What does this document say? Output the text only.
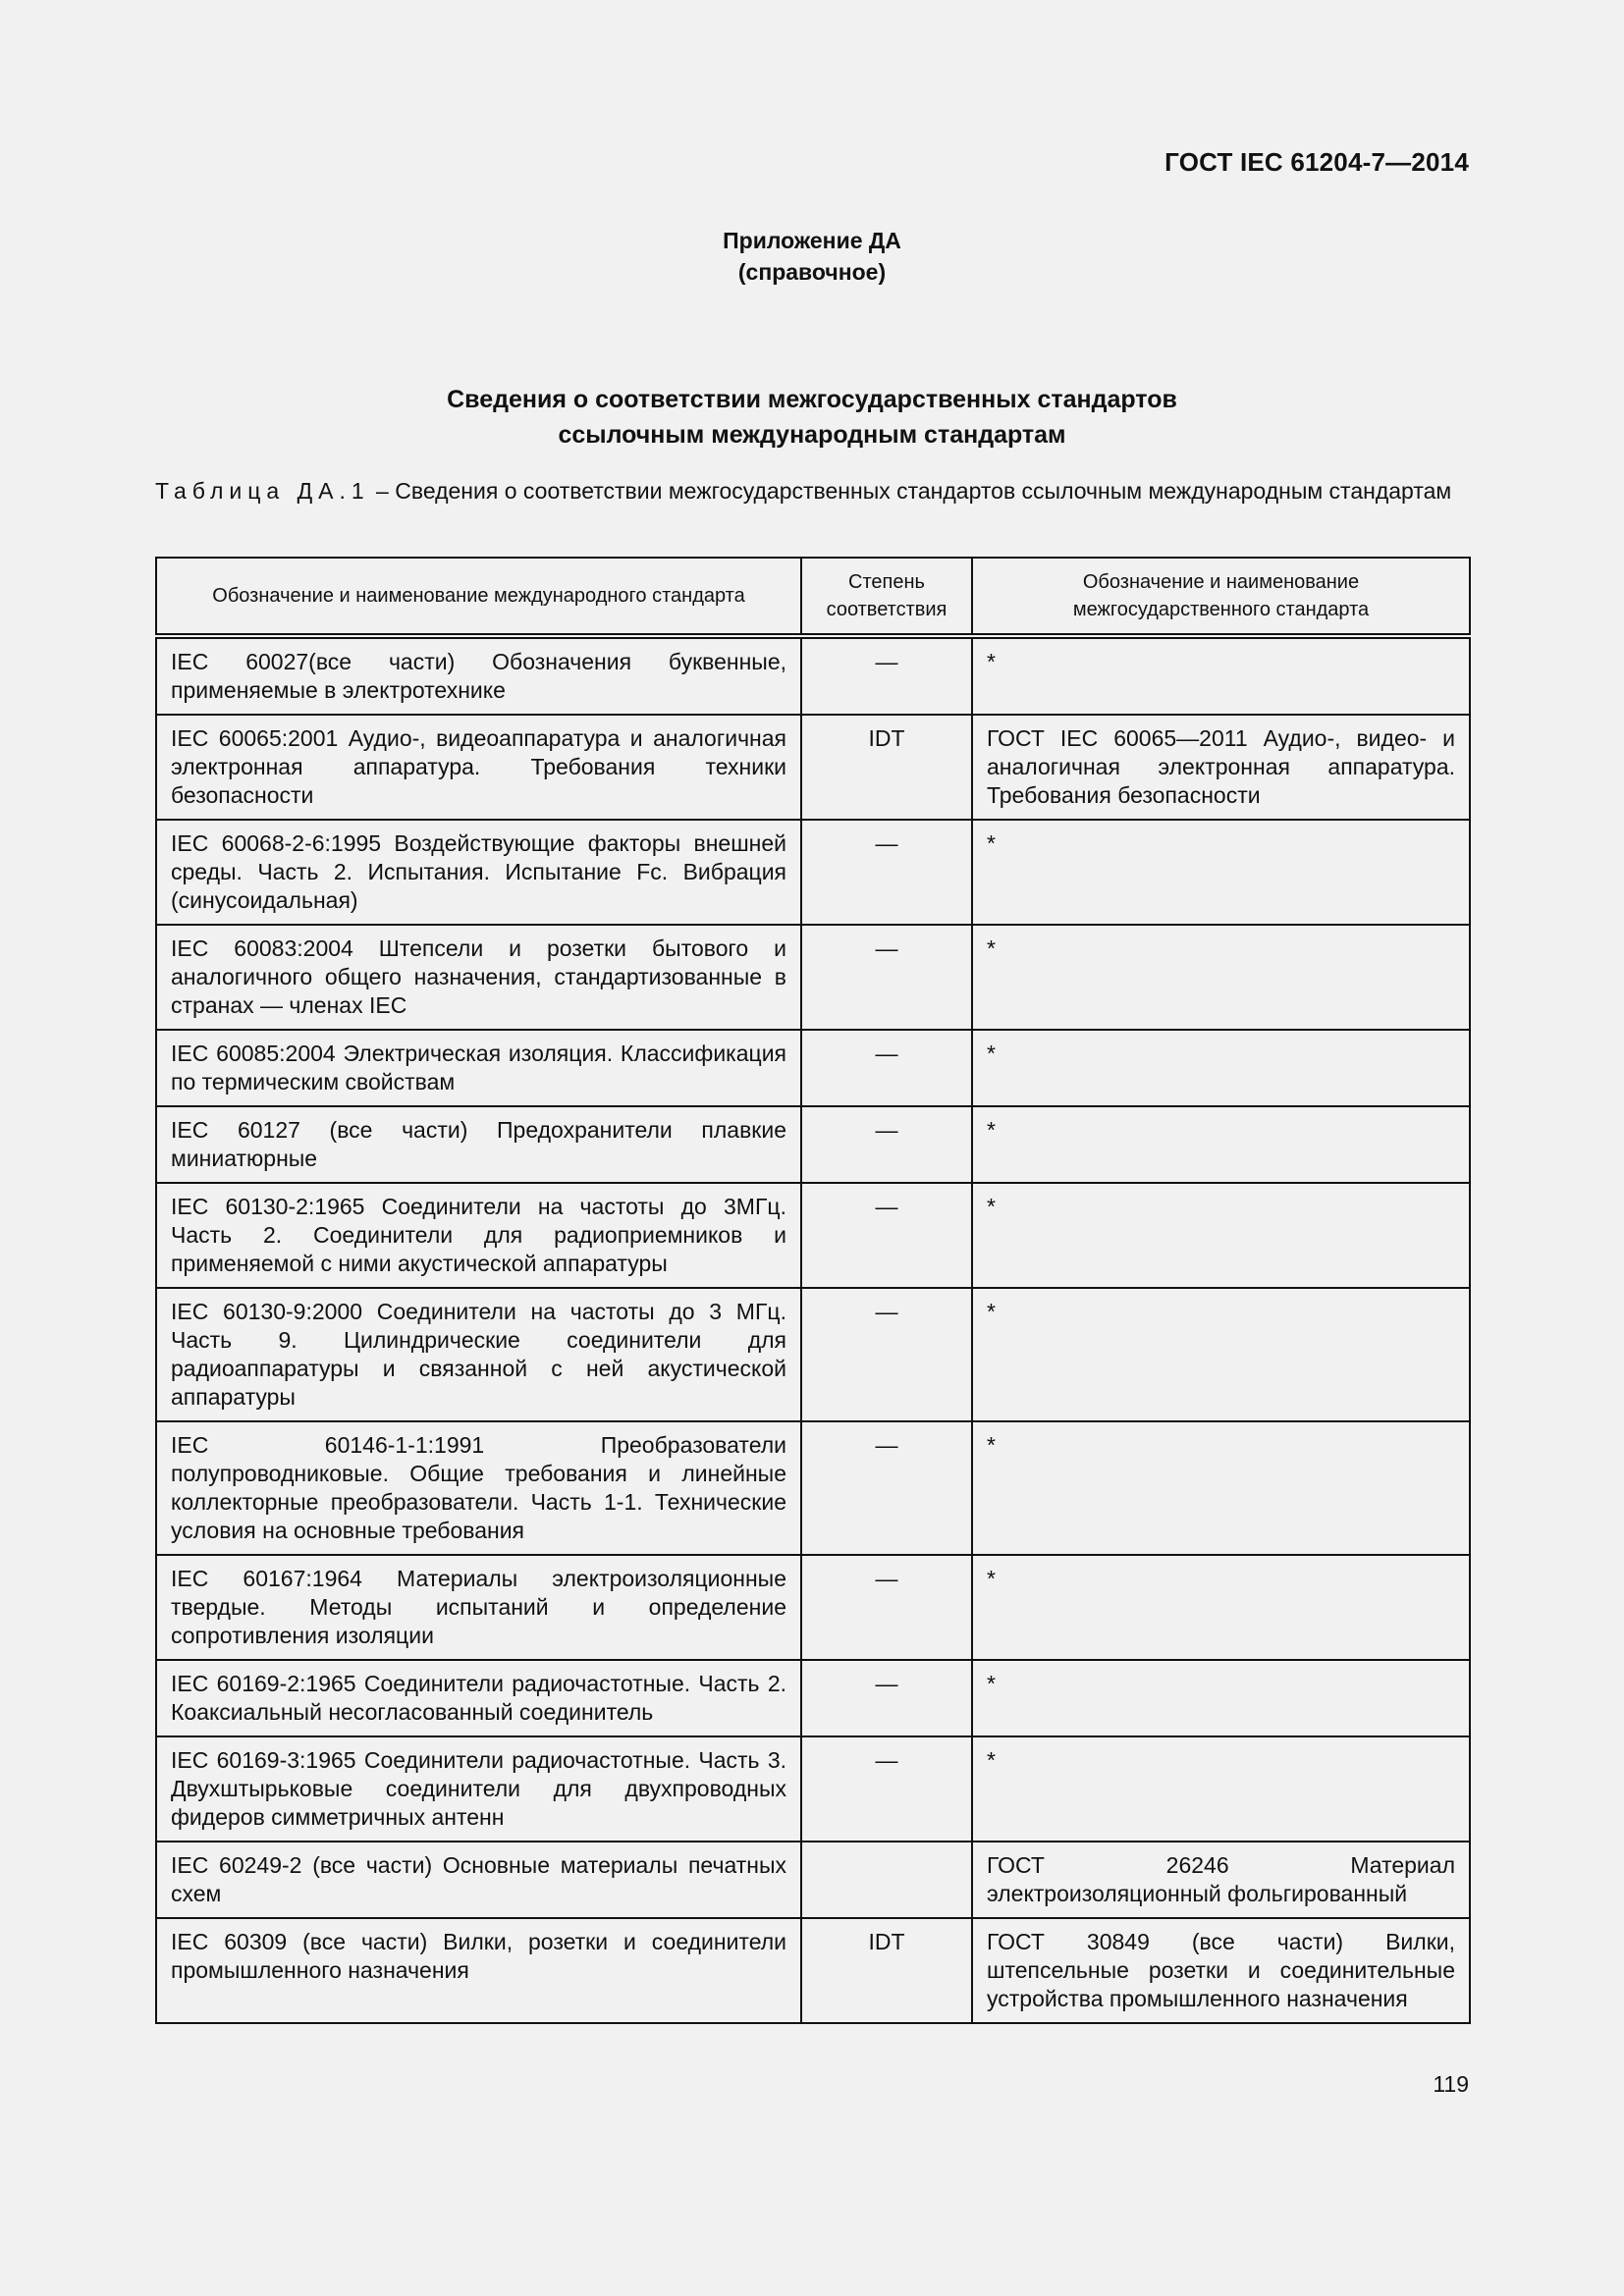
ГОСТ IEC 61204-7—2014
Приложение ДА
(справочное)
Сведения о соответствии межгосударственных стандартов
ссылочным международным стандартам
Таблица ДА.1 – Сведения о соответствии межгосударственных стандартов ссылочным международным стандартам
Обозначение и наименование международного стандарта	Степень соответствия	Обозначение и наименование межгосударственного стандарта
IEC 60027(все части) Обозначения буквенные, применяемые в электротехнике	—	*
IEC 60065:2001 Аудио-, видеоаппаратура и аналогичная электронная аппаратура. Требования техники безопасности	IDT	ГОСТ IEC 60065—2011 Аудио-, видео- и аналогичная электронная аппаратура. Требования безопасности
IEC 60068-2-6:1995 Воздействующие факторы внешней среды. Часть 2. Испытания. Испытание Fc. Вибрация (синусоидальная)	—	*
IEC 60083:2004 Штепсели и розетки бытового и аналогичного общего назначения, стандартизованные в странах — членах IEC	—	*
IEC 60085:2004 Электрическая изоляция. Классификация по термическим свойствам	—	*
IEC 60127 (все части) Предохранители плавкие миниатюрные	—	*
IEC 60130-2:1965 Соединители на частоты до 3МГц. Часть 2. Соединители для радиоприемников и применяемой с ними акустической аппаратуры	—	*
IEC 60130-9:2000 Соединители на частоты до 3 МГц. Часть 9. Цилиндрические соединители для радиоаппаратуры и связанной с ней акустической аппаратуры	—	*
IEC 60146-1-1:1991 Преобразователи полупроводниковые. Общие требования и линейные коллекторные преобразователи. Часть 1-1. Технические условия на основные требования	—	*
IEC 60167:1964 Материалы электроизоляционные твердые. Методы испытаний и определение сопротивления изоляции	—	*
IEC 60169-2:1965 Соединители радиочастотные. Часть 2. Коаксиальный несогласованный соединитель	—	*
IEC 60169-3:1965 Соединители радиочастотные. Часть 3. Двухштырьковые соединители для двухпроводных фидеров симметричных антенн	—	*
IEC 60249-2 (все части) Основные материалы печатных схем		ГОСТ 26246 Материал электроизоляционный фольгированный
IEC 60309 (все части) Вилки, розетки и соединители промышленного назначения	IDT	ГОСТ 30849 (все части) Вилки, штепсельные розетки и соединительные устройства промышленного назначения
119
